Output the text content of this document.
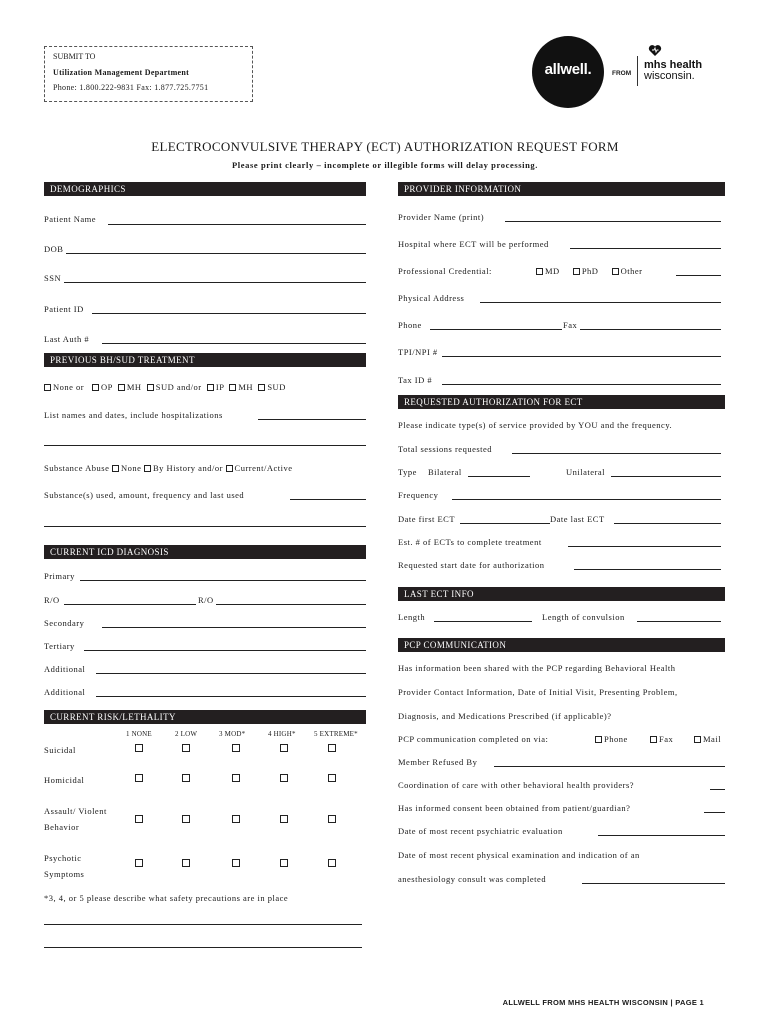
SUBMIT TO
Utilization Management Department
Phone: 1.800.222-9831 Fax: 1.877.725.7751
allwell.	FROM
mhs health
wisconsin.
ELECTROCONVULSIVE THERAPY (ECT) AUTHORIZATION REQUEST FORM
Please print clearly – incomplete or illegible forms will delay processing.
DEMOGRAPHICS
Patient Name
DOB
SSN
Patient ID
Last Auth #
PREVIOUS BH/SUD TREATMENT
None or OP MH SUD and/or IP MH SUD
List names and dates, include hospitalizations
Substance Abuse None By History and/or Current/Active
Substance(s) used, amount, frequency and last used
CURRENT ICD DIAGNOSIS
Primary
R/O	R/O
Secondary
Tertiary
Additional
Additional
CURRENT RISK/LETHALITY
1 NONE	2 LOW	3 MOD*	4 HIGH*	5 EXTREME*
Suicidal
Homicidal
Assault/ Violent
Behavior
Psychotic
Symptoms
*3, 4, or 5 please describe what safety precautions are in place
PROVIDER INFORMATION
Provider Name (print)
Hospital where ECT will be performed
Professional Credential:	MD	PhD	Other
Physical Address
Phone	Fax
TPI/NPI #
Tax ID #
REQUESTED AUTHORIZATION FOR ECT
Please indicate type(s) of service provided by YOU and the frequency.
Total sessions requested
Type Bilateral	Unilateral
Frequency
Date first ECT	Date last ECT
Est. # of ECTs to complete treatment
Requested start date for authorization
LAST ECT INFO
Length	Length of convulsion
PCP COMMUNICATION
Has information been shared with the PCP regarding Behavioral Health
Provider Contact Information, Date of Initial Visit, Presenting Problem,
Diagnosis, and Medications Prescribed (if applicable)?
PCP communication completed on via:	Phone	Fax	Mail
Member Refused By
Coordination of care with other behavioral health providers?
Has informed consent been obtained from patient/guardian?
Date of most recent psychiatric evaluation
Date of most recent physical examination and indication of an
anesthesiology consult was completed
ALLWELL FROM MHS HEALTH WISCONSIN | PAGE 1
